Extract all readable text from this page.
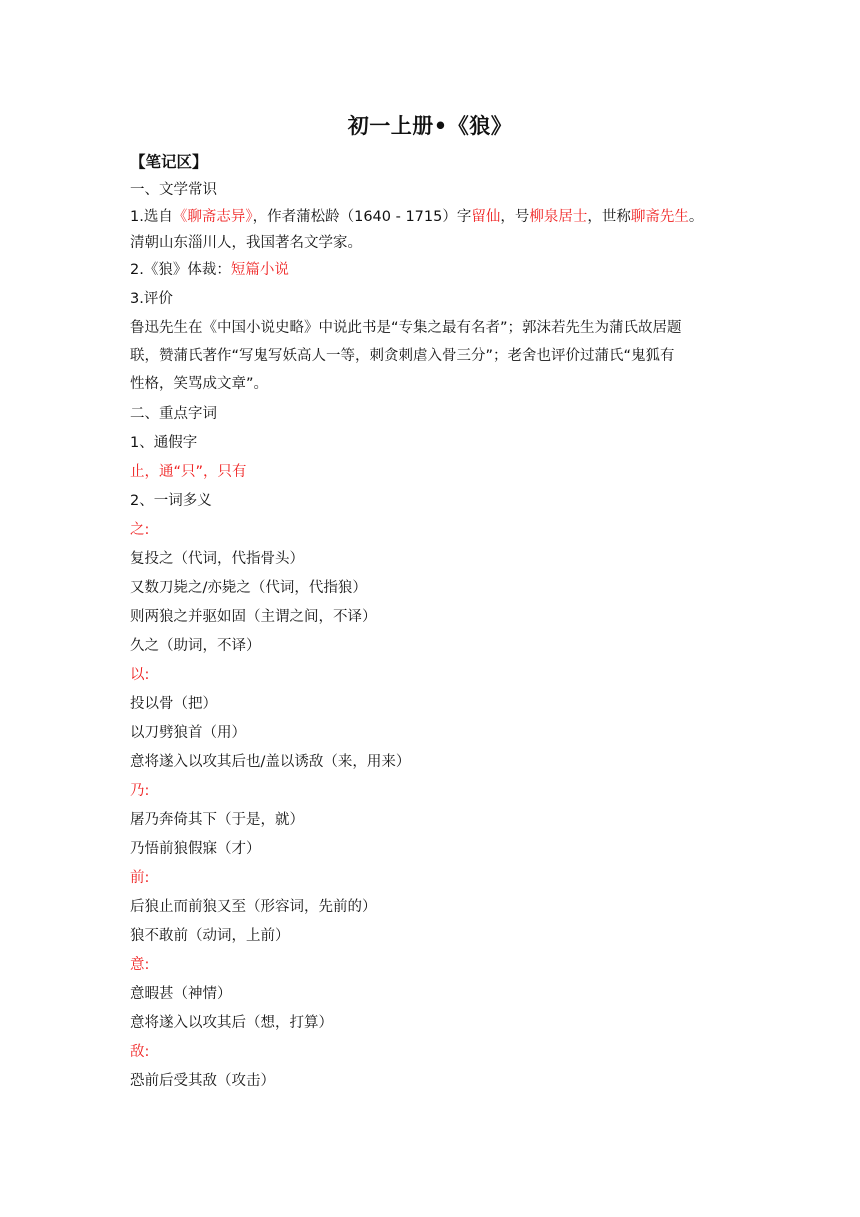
初一上册•《狼》
【笔记区】
一、文学常识
1.选自《聊斋志异》，作者蒲松龄（1640 - 1715）字留仙，号柳泉居士，世称聊斋先生。
清朝山东淄川人，我国著名文学家。
2.《狼》体裁：短篇小说
3.评价
鲁迅先生在《中国小说史略》中说此书是“专集之最有名者”；郭沫若先生为蒲氏故居题
联，赞蒲氏著作“写鬼写妖高人一等，刺贪刺虐入骨三分”；老舍也评价过蒲氏“鬼狐有
性格，笑骂成文章”。
二、重点字词
1、通假字
止，通“只”，只有
2、一词多义
之:
复投之（代词，代指骨头）
又数刀毙之/亦毙之（代词，代指狼）
则两狼之并驱如固（主谓之间，不译）
久之（助词，不译）
以:
投以骨（把）
以刀劈狼首（用）
意将遂入以攻其后也/盖以诱敌（来，用来）
乃:
屠乃奔倚其下（于是，就）
乃悟前狼假寐（才）
前:
后狼止而前狼又至（形容词，先前的）
狼不敢前（动词，上前）
意:
意暇甚（神情）
意将遂入以攻其后（想，打算）
敌:
恐前后受其敌（攻击）
